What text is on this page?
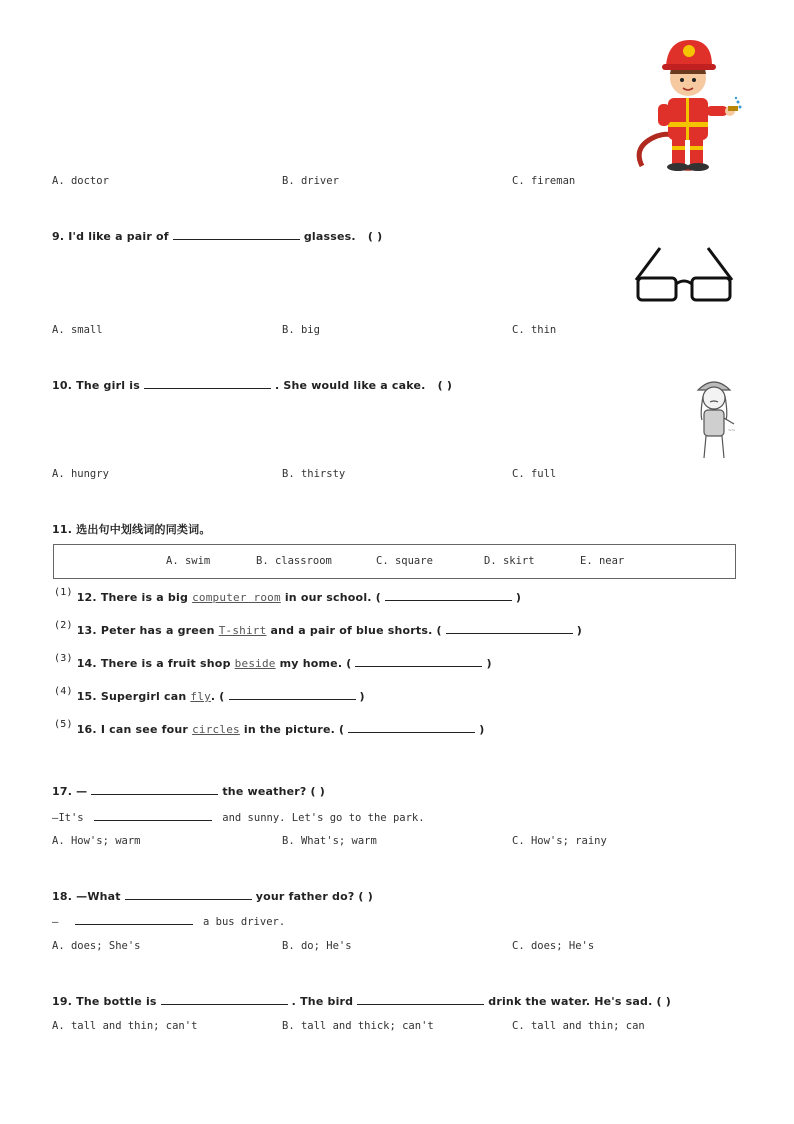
A. doctor	B. driver	C. fireman
9. I'd like a pair of	glasses. ( )
A. small	B. big	C. thin
10. The girl is	. She would like a cake. ( )
~~
A. hungry	B. thirsty	C. full
11. 选出句中划线词的同类词。
A. swim	B. classroom	C. square	D. skirt	E. near
(1) 12. There is a big computer room in our school. (	)
(2) 13. Peter has a green T-shirt and a pair of blue shorts. (	)
(3) 14. There is a fruit shop beside my home. (	)
(4) 15. Supergirl can fly. (	)
(5) 16. I can see four circles in the picture. (	)
17. —	the weather? ( )
—It's	and sunny. Let's go to the park.
A. How's; warm	B. What's; warm	C. How's; rainy
18. —What	your father do? ( )
—	a bus driver.
A. does; She's	B. do; He's	C. does; He's
19. The bottle is	. The bird	drink the water. He's sad. ( )
A. tall and thin; can't	B. tall and thick; can't	C. tall and thin; can
